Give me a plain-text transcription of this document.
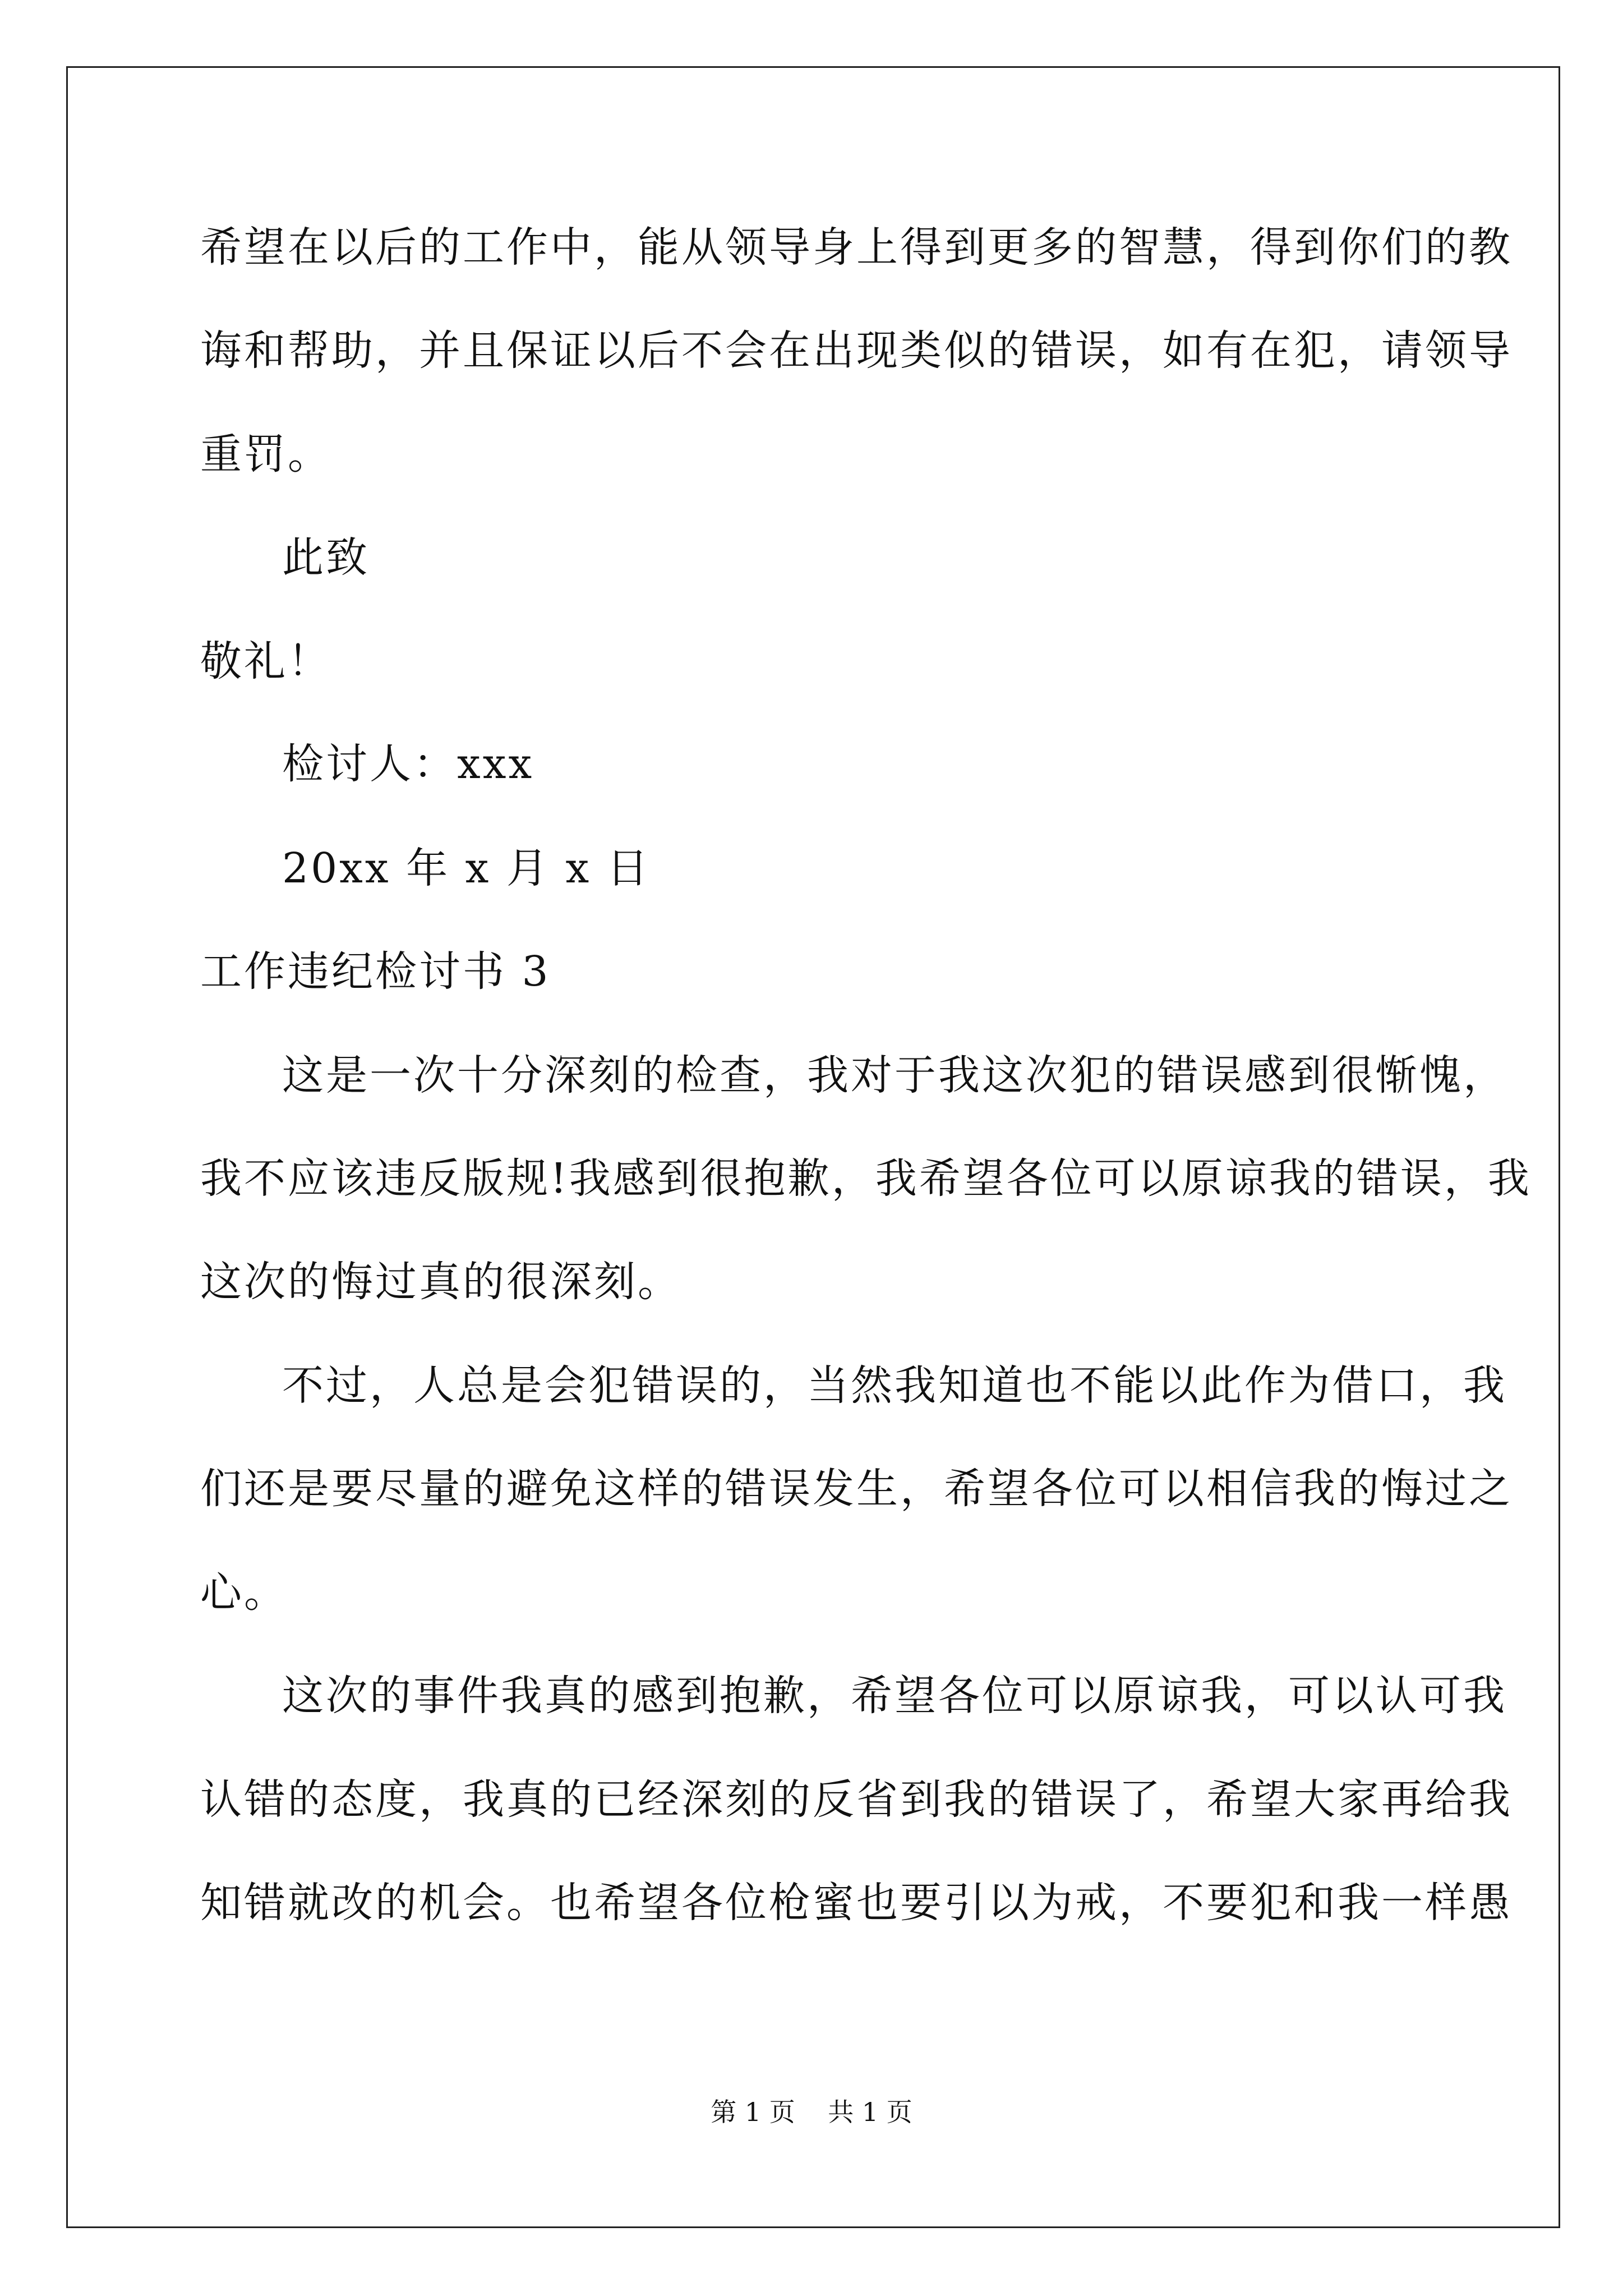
希望在以后的工作中，能从领导身上得到更多的智慧，得到你们的教
诲和帮助，并且保证以后不会在出现类似的错误，如有在犯，请领导
重罚。
此致
敬礼！
检讨人：xxx
20xx 年 x 月 x 日
工作违纪检讨书 3
这是一次十分深刻的检查，我对于我这次犯的错误感到很惭愧，
我不应该违反版规!我感到很抱歉，我希望各位可以原谅我的错误，我
这次的悔过真的很深刻。
不过，人总是会犯错误的，当然我知道也不能以此作为借口，我
们还是要尽量的避免这样的错误发生，希望各位可以相信我的悔过之
心。
这次的事件我真的感到抱歉，希望各位可以原谅我，可以认可我
认错的态度，我真的已经深刻的反省到我的错误了，希望大家再给我
知错就改的机会。也希望各位枪蜜也要引以为戒，不要犯和我一样愚
第 1 页    共 1 页
